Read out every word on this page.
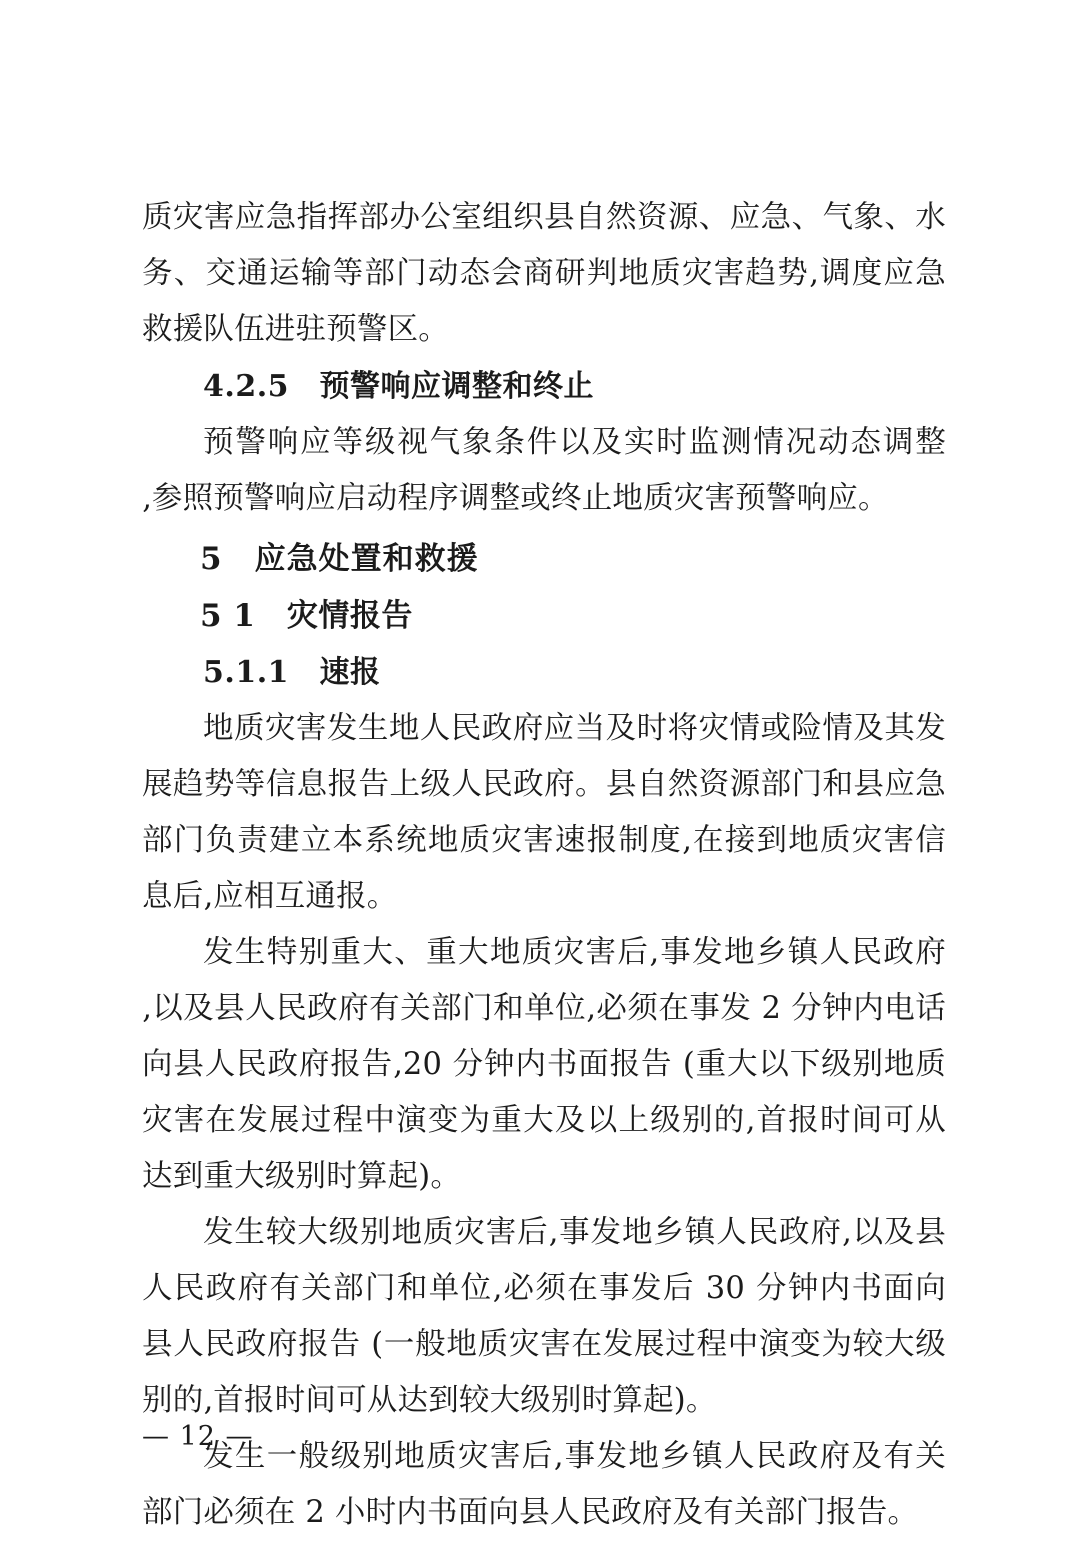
质灾害应急指挥部办公室组织县自然资源、应急、气象、水务、交通运输等部门动态会商研判地质灾害趋势‚调度应急救援队伍进驻预警区。

4.2.5　预警响应调整和终止

预警响应等级视气象条件以及实时监测情况动态调整‚参照预警响应启动程序调整或终止地质灾害预警响应。

5　应急处置和救援

5 1　灾情报告

5.1.1　速报

地质灾害发生地人民政府应当及时将灾情或险情及其发展趋势等信息报告上级人民政府。县自然资源部门和县应急部门负责建立本系统地质灾害速报制度‚在接到地质灾害信息后‚应相互通报。

发生特别重大、重大地质灾害后‚事发地乡镇人民政府‚以及县人民政府有关部门和单位‚必须在事发 2 分钟内电话向县人民政府报告‚20 分钟内书面报告 (重大以下级别地质灾害在发展过程中演变为重大及以上级别的‚首报时间可从达到重大级别时算起)。

发生较大级别地质灾害后‚事发地乡镇人民政府‚以及县人民政府有关部门和单位‚必须在事发后 30 分钟内书面向县人民政府报告 (一般地质灾害在发展过程中演变为较大级别的‚首报时间可从达到较大级别时算起)。

发生一般级别地质灾害后‚事发地乡镇人民政府及有关部门必须在 2 小时内书面向县人民政府及有关部门报告。

— 12 —
